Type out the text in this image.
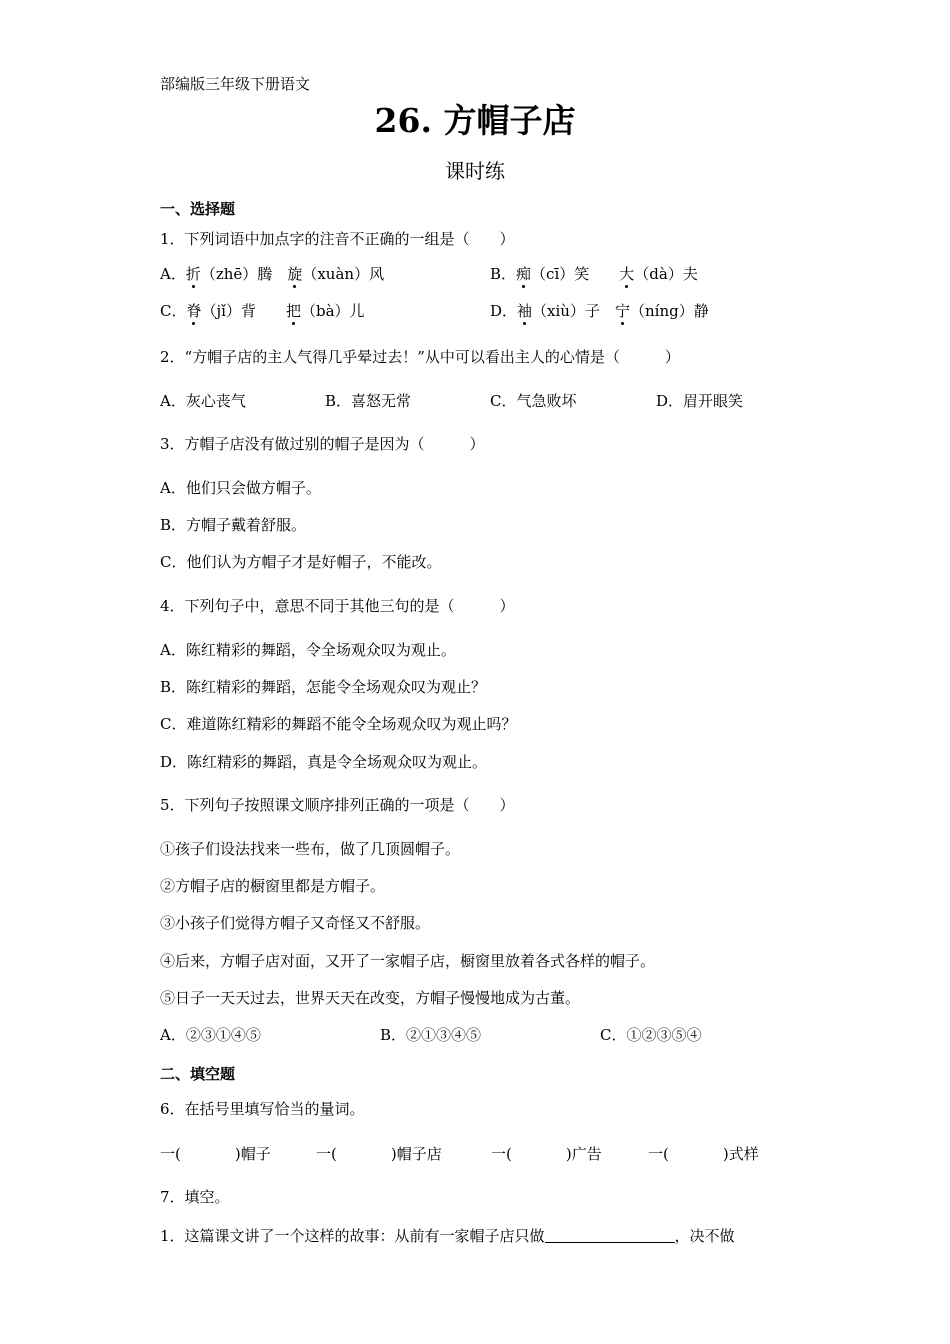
部编版三年级下册语文
26. 方帽子店
课时练
一、选择题
1．下列词语中加点字的注音不正确的一组是（　　）
A．折（zhē）腾　 旋（xuàn）风	B．痴（cī）笑　　 大（dà）夫
C．脊（jǐ）背　　 把（bà）儿	D．袖（xiù）子　 宁（níng）静
2．“方帽子店的主人气得几乎晕过去！”从中可以看出主人的心情是（　　　）
A．灰心丧气	B．喜怒无常	C．气急败坏	D．眉开眼笑
3．方帽子店没有做过别的帽子是因为（　　　）
A．他们只会做方帽子。
B．方帽子戴着舒服。
C．他们认为方帽子才是好帽子，不能改。
4．下列句子中，意思不同于其他三句的是（　　　）
A．陈红精彩的舞蹈，令全场观众叹为观止。
B．陈红精彩的舞蹈，怎能令全场观众叹为观止？
C．难道陈红精彩的舞蹈不能令全场观众叹为观止吗？
D．陈红精彩的舞蹈，真是令全场观众叹为观止。
5．下列句子按照课文顺序排列正确的一项是（　　）
①孩子们设法找来一些布，做了几顶圆帽子。
②方帽子店的橱窗里都是方帽子。
③小孩子们觉得方帽子又奇怪又不舒服。
④后来，方帽子店对面，又开了一家帽子店，橱窗里放着各式各样的帽子。
⑤日子一天天过去，世界天天在改变，方帽子慢慢地成为古董。
A．②③①④⑤	B．②①③④⑤	C．①②③⑤④
二、填空题
6．在括号里填写恰当的量词。
一(	)帽子	一(	)帽子店	一(	)广告	一(	)式样
7．填空。
1．这篇课文讲了一个这样的故事：从前有一家帽子店只做	，决不做
